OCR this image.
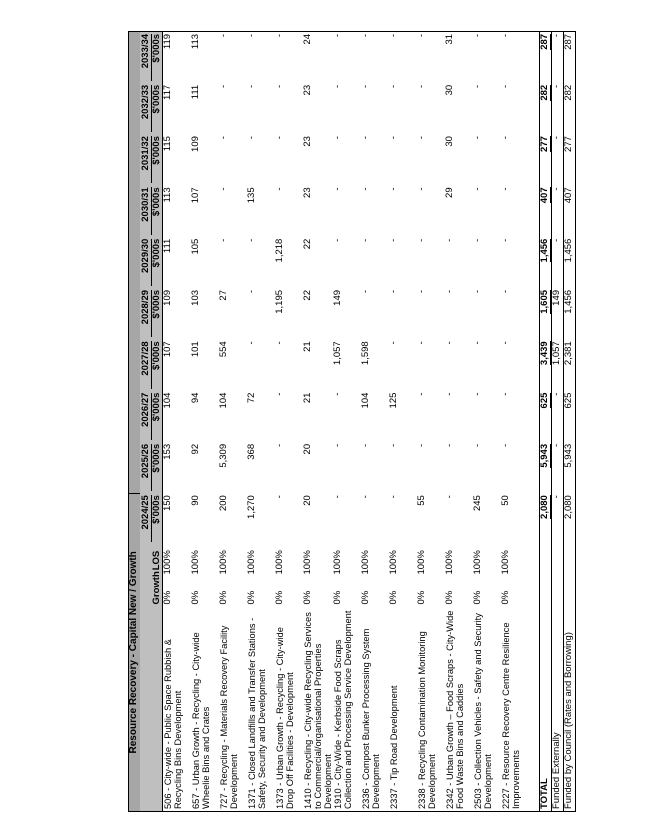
Resource Recovery - Capital New / Growth												
	Growth	LOS	2024/25 $'000s	2025/26 $'000s	2026/27 $'000s	2027/28 $'000s	2028/29 $'000s	2029/30 $'000s	2030/31 $'000s	2031/32 $'000s	2032/33 $'000s	2033/34 $'000s

506 - City-wide - Public Space Rubbish & Recycling Bins Development	0%	100%	150	153	104	107	109	111	113	115	117	119
657 - Urban Growth - Recycling - City-wide Wheelie Bins and Crates	0%	100%	90	92	94	101	103	105	107	109	111	113
727 - Recycling - Materials Recovery Facility Development	0%	100%	200	5,309	104	554	27	-	-	-	-	-
1371 - Closed Landfills and Transfer Stations - Safety, Security and Development	0%	100%	1,270	368	72	-	-	-	135	-	-	-
1373 - Urban Growth - Recycling - City-wide Drop Off Facilities - Development	0%	100%	-	-	-	-	1,195	1,218	-	-	-	-
1410 - Recycling - City-wide Recycling Services to Commercial/organisational Properties Development	0%	100%	20	20	21	21	22	22	23	23	23	24
1910 - City-Wide - Kerbside Food Scraps Collection and Processing Service Development	0%	100%	-	-	-	1,057	149	-	-	-	-	-
2336 - Compost Bunker Processing System Development	0%	100%	-	-	104	1,598	-	-	-	-	-	-
2337 - Tip Road Development	0%	100%	-	-	125	-	-	-	-	-	-	-
2338 - Recycling Contamination Monitoring Development	0%	100%	55	-	-	-	-	-	-	-	-	-
2342 - Urban Growth – Food Scraps - City-Wide Food Waste Bins and Caddies	0%	100%	-	-	-	-	-	-	29	30	30	31
2503 - Collection Vehicles - Safety and Security Development	0%	100%	245	-	-	-	-	-	-	-	-	-
2227 - Resource Recovery Centre Resilience Improvements	0%	100%	50	-	-	-	-	-	-	-	-	-

TOTAL			2,080	5,943	625	3,439	1,605	1,456	407	277	282	287
Funded Externally			-	-	-	1,057	149	-	-	-	-	-
Funded by Council (Rates and Borrowing)			2,080	5,943	625	2,381	1,456	1,456	407	277	282	287
